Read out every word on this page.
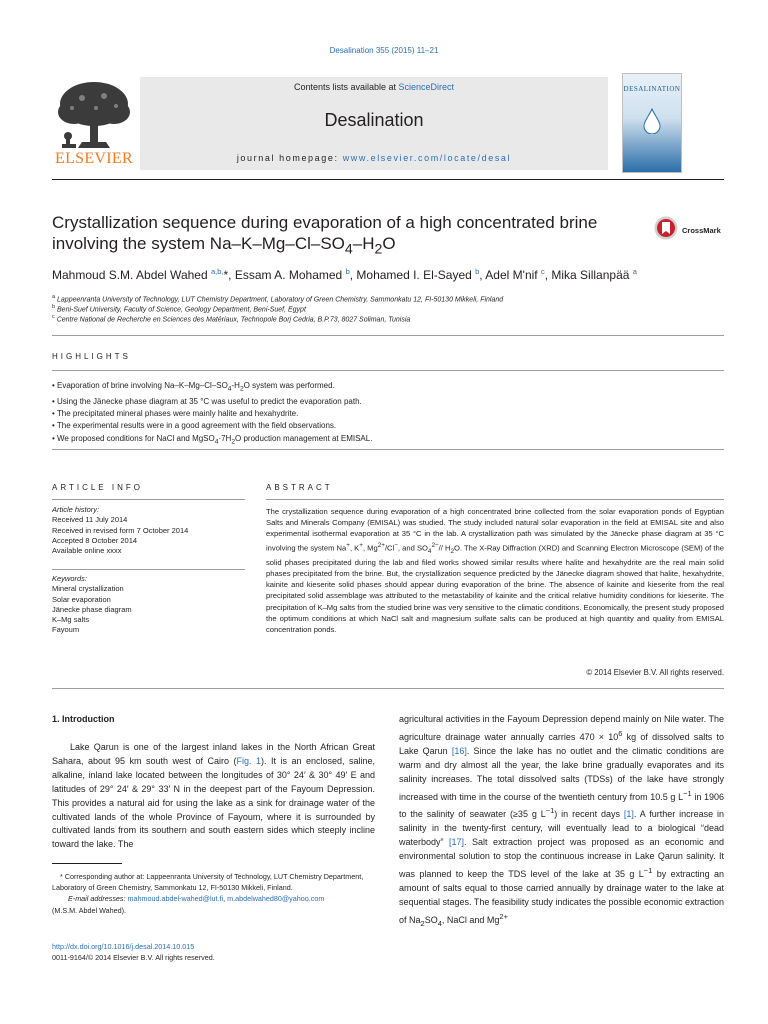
Desalination 355 (2015) 11–21
Contents lists available at ScienceDirect
Desalination
journal homepage: www.elsevier.com/locate/desal
ELSEVIER
DESALINATION
Crystallization sequence during evaporation of a high concentrated brine
involving the system $Na-K-Mg-Cl-SO_4-H_2O$
CrossMark
Mahmoud S.M. Abdel Wahed $^{a,b,}$*, Essam A. Mohamed $^b$, Mohamed I. El-Sayed $^b$, Adel M'nif $^c$, Mika Sillanpää $^a$
$^a$ Lappeenranta University of Technology, LUT Chemistry Department, Laboratory of Green Chemistry, Sammonkatu 12, FI-50130 Mikkeli, Finland
$^b$ Beni-Suef University, Faculty of Science, Geology Department, Beni-Suef, Egypt
$^c$ Centre National de Recherche en Sciences des Matériaux, Technopole Borj Cedria, B.P.73, 8027 Soliman, Tunisia
HIGHLIGHTS
• Evaporation of brine involving $Na-K-Mg-Cl-SO_4-H_2O$ system was performed.
• Using the Jänecke phase diagram at 35 °C was useful to predict the evaporation path.
• The precipitated mineral phases were mainly halite and hexahydrite.
• The experimental results were in a good agreement with the field observations.
• We proposed conditions for NaCl and $MgSO_4\cdot 7H_2O$ production management at EMISAL.
ARTICLE INFO
Article history:
Received 11 July 2014
Received in revised form 7 October 2014
Accepted 8 October 2014
Available online xxxx
Keywords:
Mineral crystallization
Solar evaporation
Jänecke phase diagram
K–Mg salts
Fayoum
ABSTRACT
The crystallization sequence during evaporation of a high concentrated brine collected from the solar evaporation ponds of Egyptian Salts and Minerals Company (EMISAL) was studied. The study included natural solar evaporation in the field at EMISAL site and also experimental isothermal evaporation at 35 °C in the lab. A crystallization path was simulated by the Jänecke phase diagram at 35 °C involving the system Na+, K+, $Mg^{2+}/Cl^-$, and $SO_4^{2-}//$ $H_2O$. The X-Ray Diffraction (XRD) and Scanning Electron Microscope (SEM) of the solid phases precipitated during the lab and filed works showed similar results where halite and hexahydrite are the real main solid phases precipitated from the brine. But, the crystallization sequence predicted by the Jänecke diagram showed that halite, hexahydrite, kainite and kieserite solid phases should appear during evaporation of the brine. The absence of kainite and kieserite from the real precipitated solid assemblage was attributed to the metastability of kainite and the critical relative humidity conditions for kieserite. The precipitation of K–Mg salts from the studied brine was very sensitive to the climatic conditions. Economically, the present study proposed the optimum conditions at which NaCl salt and magnesium sulfate salts can be produced at high quantity and quality from EMISAL concentration ponds.
© 2014 Elsevier B.V. All rights reserved.
1. Introduction
Lake Qarun is one of the largest inland lakes in the North African Great Sahara, about 95 km south west of Cairo (Fig. 1). It is an enclosed, saline, alkaline, inland lake located between the longitudes of 30° 24′ & 30° 49′ E and latitudes of 29° 24′ & 29° 33′ N in the deepest part of the Fayoum Depression. This provides a natural aid for using the lake as a sink for drainage water of the cultivated lands of the whole Province of Fayoum, where it is surrounded by cultivated lands from its southern and south eastern sides which steeply incline toward the lake. The
agricultural activities in the Fayoum Depression depend mainly on Nile water. The agriculture drainage water annually carries $470 \times 10^6$ kg of dissolved salts to Lake Qarun [16]. Since the lake has no outlet and the climatic conditions are warm and dry almost all the year, the lake brine gradually evaporates and its salinity increases. The total dissolved salts (TDSs) of the lake have strongly increased with time in the course of the twentieth century from 10.5 g $L^{-1}$ in 1906 to the salinity of seawater (≥35 g $L^{-1}$) in recent days [1]. A further increase in salinity in the twenty-first century, will eventually lead to a biological “dead waterbody” [17]. Salt extraction project was proposed as an economic and environmental solution to stop the continuous increase in Lake Qarun salinity. It was planned to keep the TDS level of the lake at 35 g $L^{-1}$ by extracting an amount of salts equal to those carried annually by drainage water to the lake at sequential stages. The feasibility study indicates the possible economic extraction of $Na_2SO_4$, NaCl and $Mg^{2+}$
* Corresponding author at: Lappeenranta University of Technology, LUT Chemistry Department, Laboratory of Green Chemistry, Sammonkatu 12, FI-50130 Mikkeli, Finland.
E-mail addresses: mahmoud.abdel-wahed@lut.fi, m.abdelwahed80@yahoo.com
(M.S.M. Abdel Wahed).
http://dx.doi.org/10.1016/j.desal.2014.10.015
0011-9164/© 2014 Elsevier B.V. All rights reserved.
